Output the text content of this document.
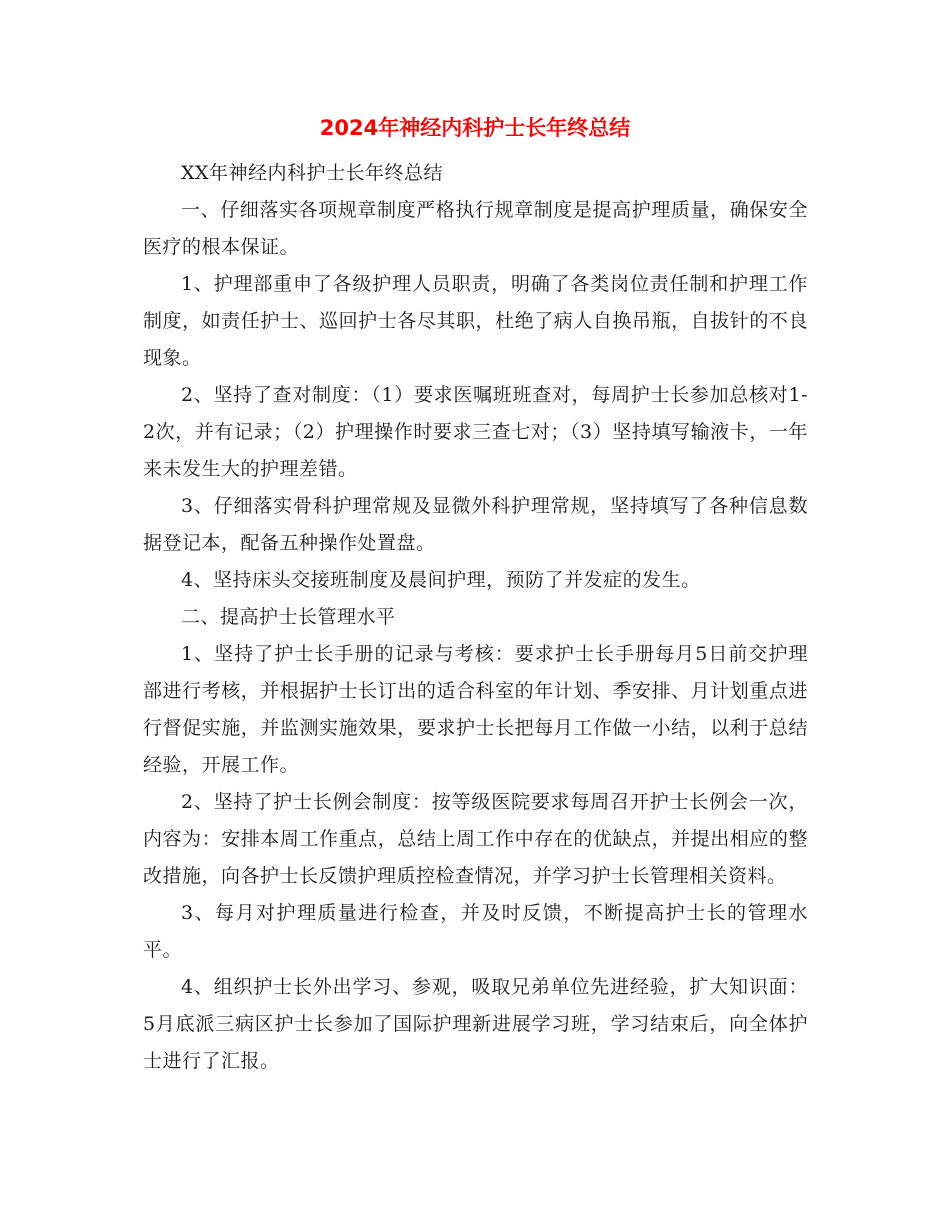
2024年神经内科护士长年终总结

XX年神经内科护士长年终总结

一、仔细落实各项规章制度严格执行规章制度是提高护理质量，确保安全医疗的根本保证。

1、护理部重申了各级护理人员职责，明确了各类岗位责任制和护理工作制度，如责任护士、巡回护士各尽其职，杜绝了病人自换吊瓶，自拔针的不良现象。

2、坚持了查对制度：（1）要求医嘱班班查对，每周护士长参加总核对1-2次，并有记录；（2）护理操作时要求三查七对；（3）坚持填写输液卡，一年来未发生大的护理差错。

3、仔细落实骨科护理常规及显微外科护理常规，坚持填写了各种信息数据登记本，配备五种操作处置盘。

4、坚持床头交接班制度及晨间护理，预防了并发症的发生。

二、提高护士长管理水平

1、坚持了护士长手册的记录与考核：要求护士长手册每月5日前交护理部进行考核，并根据护士长订出的适合科室的年计划、季安排、月计划重点进行督促实施，并监测实施效果，要求护士长把每月工作做一小结，以利于总结经验，开展工作。

2、坚持了护士长例会制度：按等级医院要求每周召开护士长例会一次，内容为：安排本周工作重点，总结上周工作中存在的优缺点，并提出相应的整改措施，向各护士长反馈护理质控检查情况，并学习护士长管理相关资料。

3、每月对护理质量进行检查，并及时反馈，不断提高护士长的管理水平。

4、组织护士长外出学习、参观，吸取兄弟单位先进经验，扩大知识面：5月底派三病区护士长参加了国际护理新进展学习班，学习结束后，向全体护士进行了汇报。
